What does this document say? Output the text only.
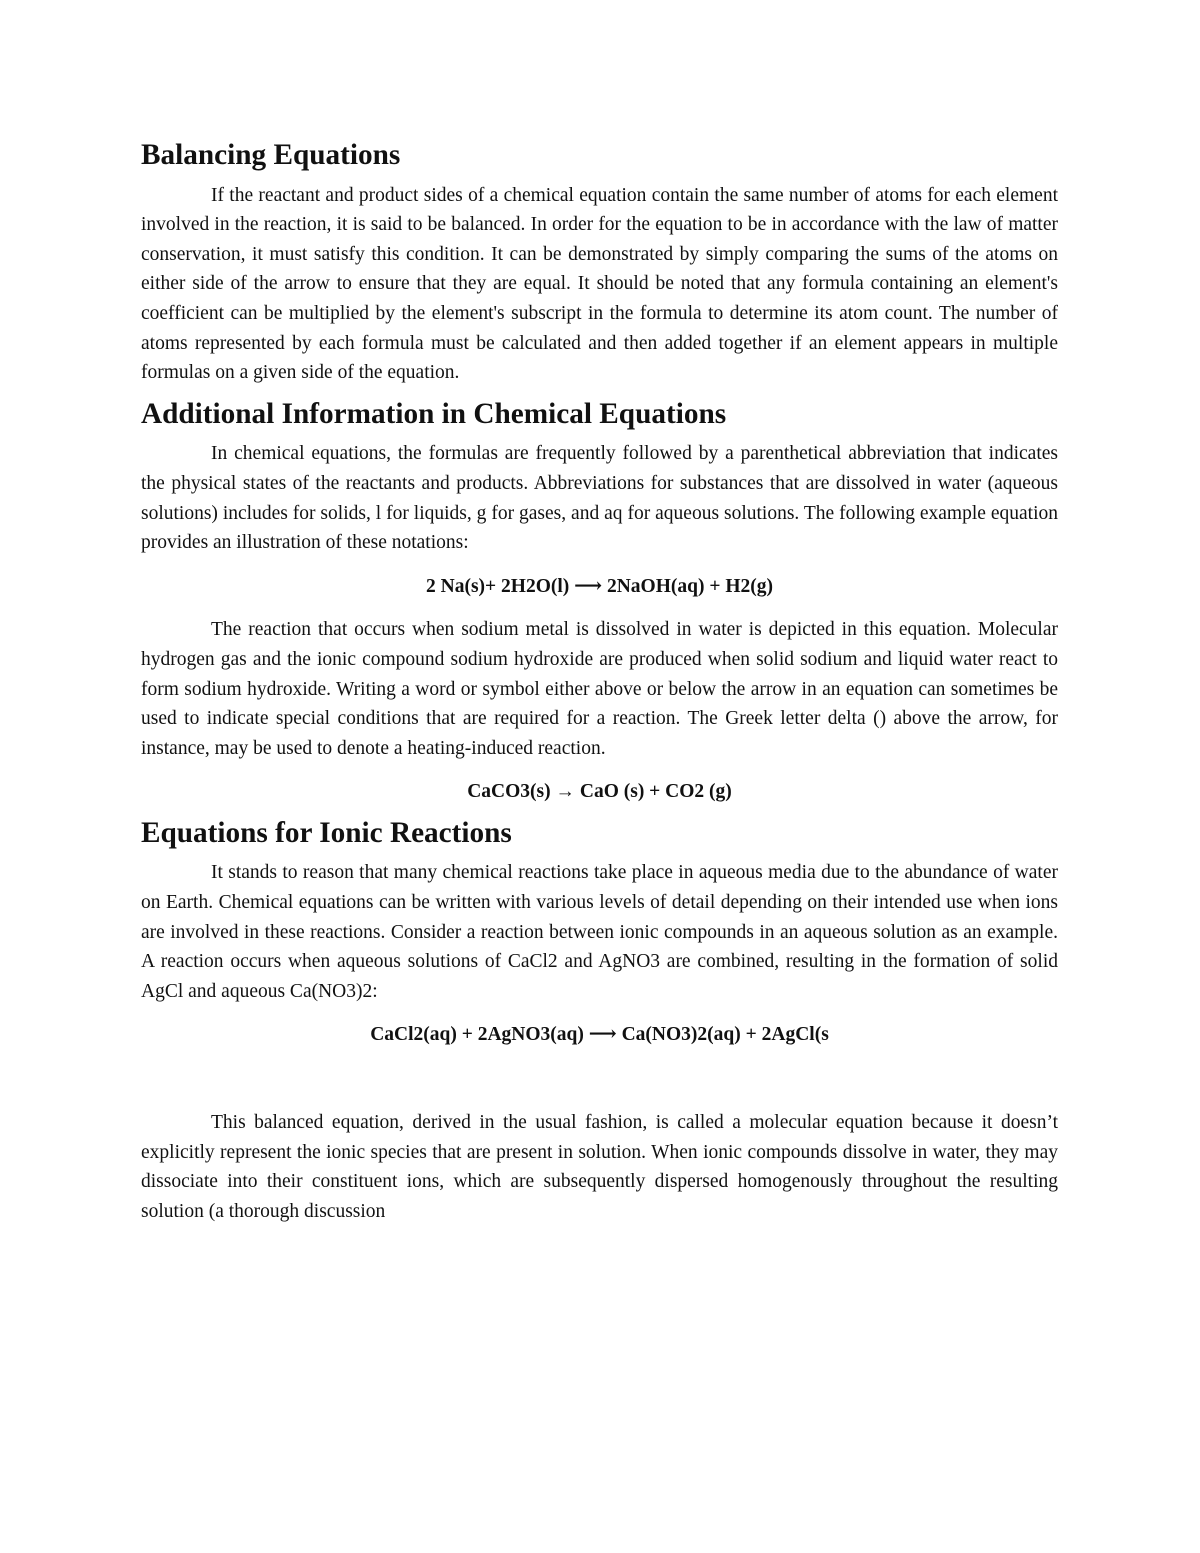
Balancing Equations

If the reactant and product sides of a chemical equation contain the same number of atoms for each element involved in the reaction, it is said to be balanced. In order for the equation to be in accordance with the law of matter conservation, it must satisfy this condition. It can be demonstrated by simply comparing the sums of the atoms on either side of the arrow to ensure that they are equal. It should be noted that any formula containing an element's coefficient can be multiplied by the element's subscript in the formula to determine its atom count. The number of atoms represented by each formula must be calculated and then added together if an element appears in multiple formulas on a given side of the equation.

Additional Information in Chemical Equations

In chemical equations, the formulas are frequently followed by a parenthetical abbreviation that indicates the physical states of the reactants and products. Abbreviations for substances that are dissolved in water (aqueous solutions) includes for solids, l for liquids, g for gases, and aq for aqueous solutions. The following example equation provides an illustration of these notations:

2 Na(s)+ 2H2O(l) ⟶ 2NaOH(aq) + H2(g)

The reaction that occurs when sodium metal is dissolved in water is depicted in this equation. Molecular hydrogen gas and the ionic compound sodium hydroxide are produced when solid sodium and liquid water react to form sodium hydroxide. Writing a word or symbol either above or below the arrow in an equation can sometimes be used to indicate special conditions that are required for a reaction. The Greek letter delta () above the arrow, for instance, may be used to denote a heating-induced reaction.

CaCO3(s) → CaO (s) + CO2 (g)

Equations for Ionic Reactions

It stands to reason that many chemical reactions take place in aqueous media due to the abundance of water on Earth. Chemical equations can be written with various levels of detail depending on their intended use when ions are involved in these reactions. Consider a reaction between ionic compounds in an aqueous solution as an example. A reaction occurs when aqueous solutions of CaCl2 and AgNO3 are combined, resulting in the formation of solid AgCl and aqueous Ca(NO3)2:

CaCl2(aq) + 2AgNO3(aq) ⟶ Ca(NO3)2(aq) + 2AgCl(s

This balanced equation, derived in the usual fashion, is called a molecular equation because it doesn’t explicitly represent the ionic species that are present in solution. When ionic compounds dissolve in water, they may dissociate into their constituent ions, which are subsequently dispersed homogenously throughout the resulting solution (a thorough discussion
